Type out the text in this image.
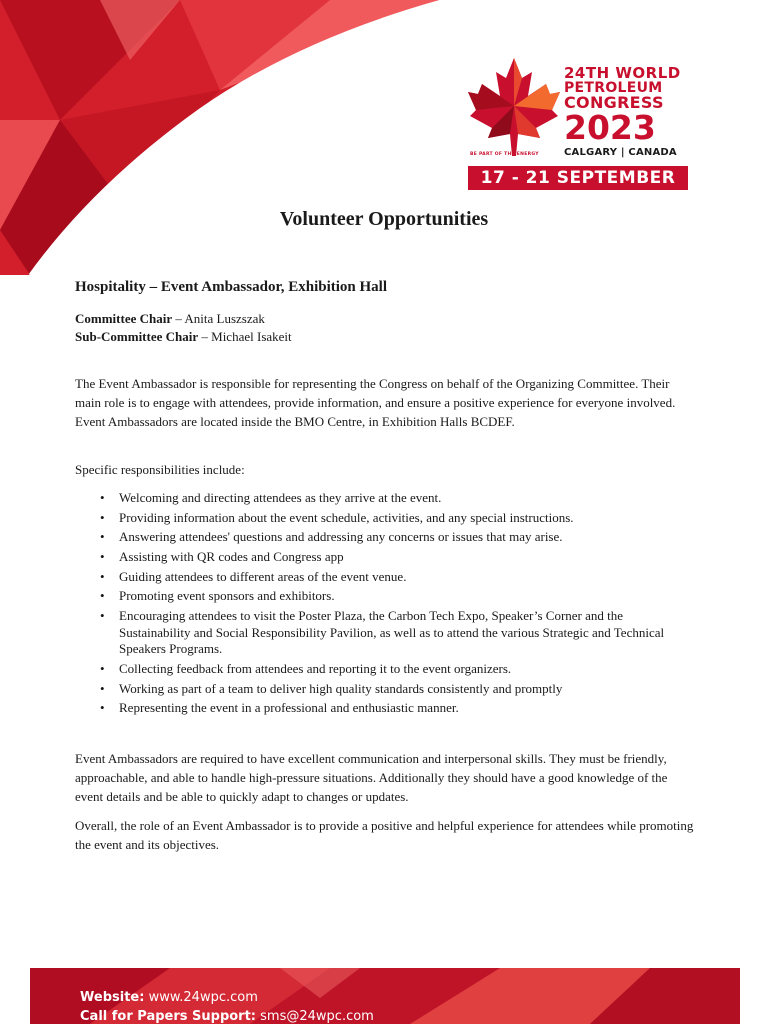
BE PART OF THE ENERGY
24TH WORLD
PETROLEUM
CONGRESS
2023
CALGARY | CANADA
17 - 21 SEPTEMBER
Volunteer Opportunities
Hospitality – Event Ambassador, Exhibition Hall
Committee Chair – Anita Luszszak
Sub-Committee Chair – Michael Isakeit

The Event Ambassador is responsible for representing the Congress on behalf of the Organizing Committee. Their main role is to engage with attendees, provide information, and ensure a positive experience for everyone involved. Event Ambassadors are located inside the BMO Centre, in Exhibition Halls BCDEF.

Specific responsibilities include:

• Welcoming and directing attendees as they arrive at the event.
• Providing information about the event schedule, activities, and any special instructions.
• Answering attendees' questions and addressing any concerns or issues that may arise.
• Assisting with QR codes and Congress app
• Guiding attendees to different areas of the event venue.
• Promoting event sponsors and exhibitors.
• Encouraging attendees to visit the Poster Plaza, the Carbon Tech Expo, Speaker’s Corner and the Sustainability and Social Responsibility Pavilion, as well as to attend the various Strategic and Technical Speakers Programs.
• Collecting feedback from attendees and reporting it to the event organizers.
• Working as part of a team to deliver high quality standards consistently and promptly
• Representing the event in a professional and enthusiastic manner.

Event Ambassadors are required to have excellent communication and interpersonal skills. They must be friendly, approachable, and able to handle high-pressure situations. Additionally they should have a good knowledge of the event details and be able to quickly adapt to changes or updates.

Overall, the role of an Event Ambassador is to provide a positive and helpful experience for attendees while promoting the event and its objectives.

Website: www.24wpc.com
Call for Papers Support: sms@24wpc.com
